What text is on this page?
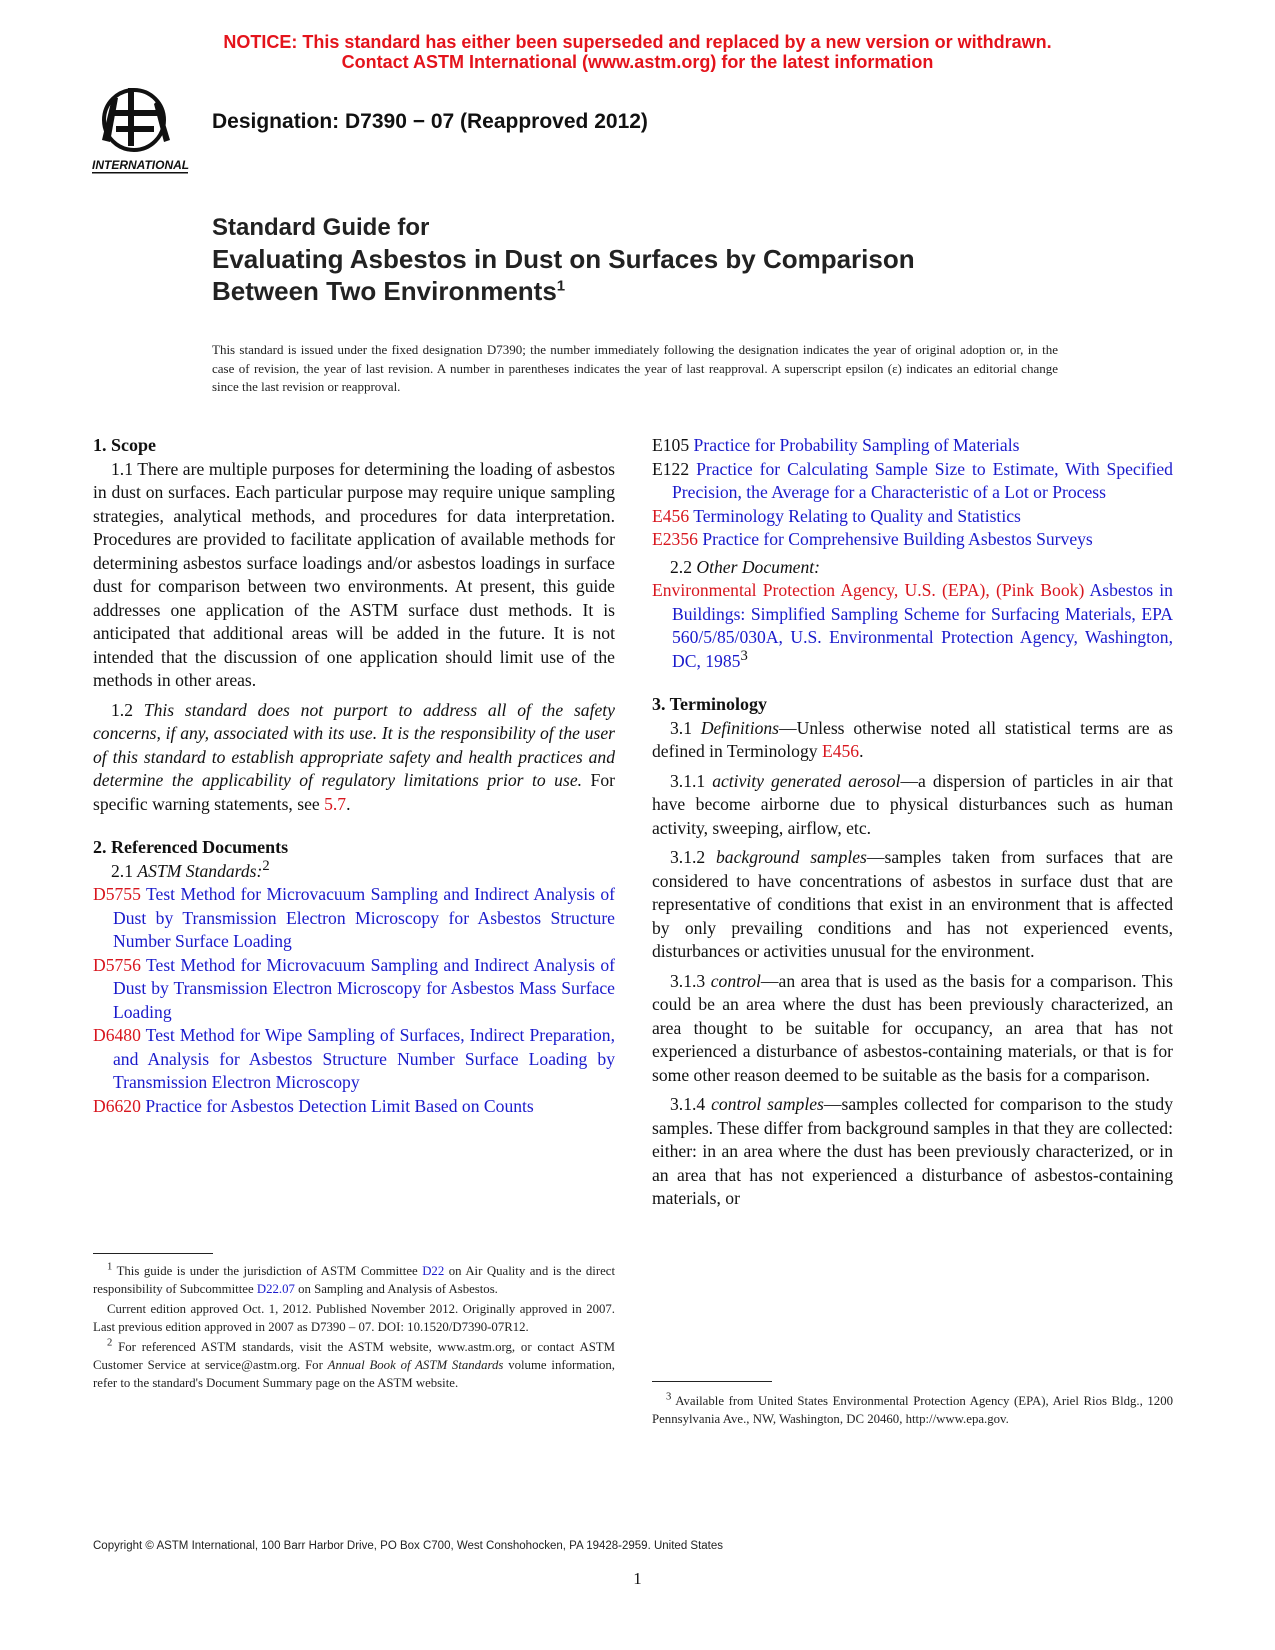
NOTICE: This standard has either been superseded and replaced by a new version or withdrawn.
Contact ASTM International (www.astm.org) for the latest information
INTERNATIONAL
Designation: D7390 − 07 (Reapproved 2012)
Standard Guide for
Evaluating Asbestos in Dust on Surfaces by Comparison
Between Two Environments$^1$
This standard is issued under the fixed designation D7390; the number immediately following the designation indicates the year of original adoption or, in the case of revision, the year of last revision. A number in parentheses indicates the year of last reapproval. A superscript epsilon (ε) indicates an editorial change since the last revision or reapproval.

1. Scope

1.1 There are multiple purposes for determining the loading of asbestos in dust on surfaces. Each particular purpose may require unique sampling strategies, analytical methods, and procedures for data interpretation. Procedures are provided to facilitate application of available methods for determining asbestos surface loadings and/or asbestos loadings in surface dust for comparison between two environments. At present, this guide addresses one application of the ASTM surface dust methods. It is anticipated that additional areas will be added in the future. It is not intended that the discussion of one application should limit use of the methods in other areas.

1.2 This standard does not purport to address all of the safety concerns, if any, associated with its use. It is the responsibility of the user of this standard to establish appropriate safety and health practices and determine the applicability of regulatory limitations prior to use. For specific warning statements, see 5.7.

2. Referenced Documents

2.1 ASTM Standards:$^2$

D5755 Test Method for Microvacuum Sampling and Indirect Analysis of Dust by Transmission Electron Microscopy for Asbestos Structure Number Surface Loading

D5756 Test Method for Microvacuum Sampling and Indirect Analysis of Dust by Transmission Electron Microscopy for Asbestos Mass Surface Loading

D6480 Test Method for Wipe Sampling of Surfaces, Indirect Preparation, and Analysis for Asbestos Structure Number Surface Loading by Transmission Electron Microscopy

D6620 Practice for Asbestos Detection Limit Based on Counts

E105 Practice for Probability Sampling of Materials

E122 Practice for Calculating Sample Size to Estimate, With Specified Precision, the Average for a Characteristic of a Lot or Process

E456 Terminology Relating to Quality and Statistics

E2356 Practice for Comprehensive Building Asbestos Surveys

2.2 Other Document:

Environmental Protection Agency, U.S. (EPA), (Pink Book) Asbestos in Buildings: Simplified Sampling Scheme for Surfacing Materials, EPA 560/5/85/030A, U.S. Environmental Protection Agency, Washington, DC, 1985$^3$

3. Terminology

3.1 Definitions—Unless otherwise noted all statistical terms are as defined in Terminology E456.

3.1.1 activity generated aerosol—a dispersion of particles in air that have become airborne due to physical disturbances such as human activity, sweeping, airflow, etc.

3.1.2 background samples—samples taken from surfaces that are considered to have concentrations of asbestos in surface dust that are representative of conditions that exist in an environment that is affected by only prevailing conditions and has not experienced events, disturbances or activities unusual for the environment.

3.1.3 control—an area that is used as the basis for a comparison. This could be an area where the dust has been previously characterized, an area thought to be suitable for occupancy, an area that has not experienced a disturbance of asbestos-containing materials, or that is for some other reason deemed to be suitable as the basis for a comparison.

3.1.4 control samples—samples collected for comparison to the study samples. These differ from background samples in that they are collected: either: in an area where the dust has been previously characterized, or in an area that has not experienced a disturbance of asbestos-containing materials, or

$^1$ This guide is under the jurisdiction of ASTM Committee D22 on Air Quality and is the direct responsibility of Subcommittee D22.07 on Sampling and Analysis of Asbestos.

Current edition approved Oct. 1, 2012. Published November 2012. Originally approved in 2007. Last previous edition approved in 2007 as D7390 – 07. DOI: 10.1520/D7390-07R12.

$^2$ For referenced ASTM standards, visit the ASTM website, www.astm.org, or contact ASTM Customer Service at service@astm.org. For Annual Book of ASTM Standards volume information, refer to the standard's Document Summary page on the ASTM website.

$^3$ Available from United States Environmental Protection Agency (EPA), Ariel Rios Bldg., 1200 Pennsylvania Ave., NW, Washington, DC 20460, http://www.epa.gov.

Copyright © ASTM International, 100 Barr Harbor Drive, PO Box C700, West Conshohocken, PA 19428-2959. United States
1
